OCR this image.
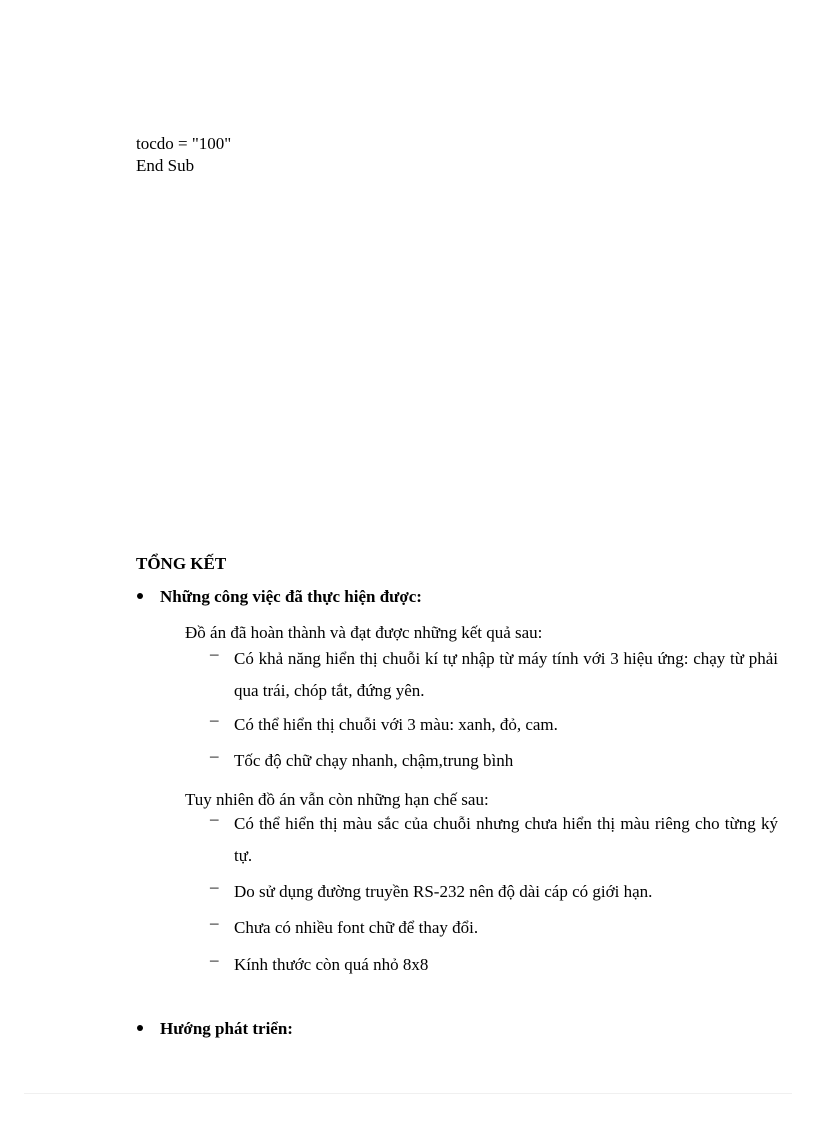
tocdo = "100"

End Sub

TỔNG KẾT

Những công việc đã thực hiện được:

Đồ án đã hoàn thành và đạt được những kết quả sau:

– Có khả năng hiển thị chuỗi kí tự nhập từ máy tính với 3 hiệu ứng: chạy từ phải qua trái, chóp tắt, đứng yên.
– Có thể hiển thị chuỗi với 3 màu: xanh, đỏ, cam.
– Tốc độ chữ chạy nhanh, chậm,trung bình

Tuy nhiên đồ án vẫn còn những hạn chế sau:

– Có thể hiển thị màu sắc của chuỗi nhưng chưa hiển thị màu riêng cho từng ký tự.
– Do sử dụng đường truyền RS-232 nên độ dài cáp có giới hạn.
– Chưa có nhiều font chữ để thay đổi.
– Kính thước còn quá nhỏ 8x8
Hướng phát triển:
